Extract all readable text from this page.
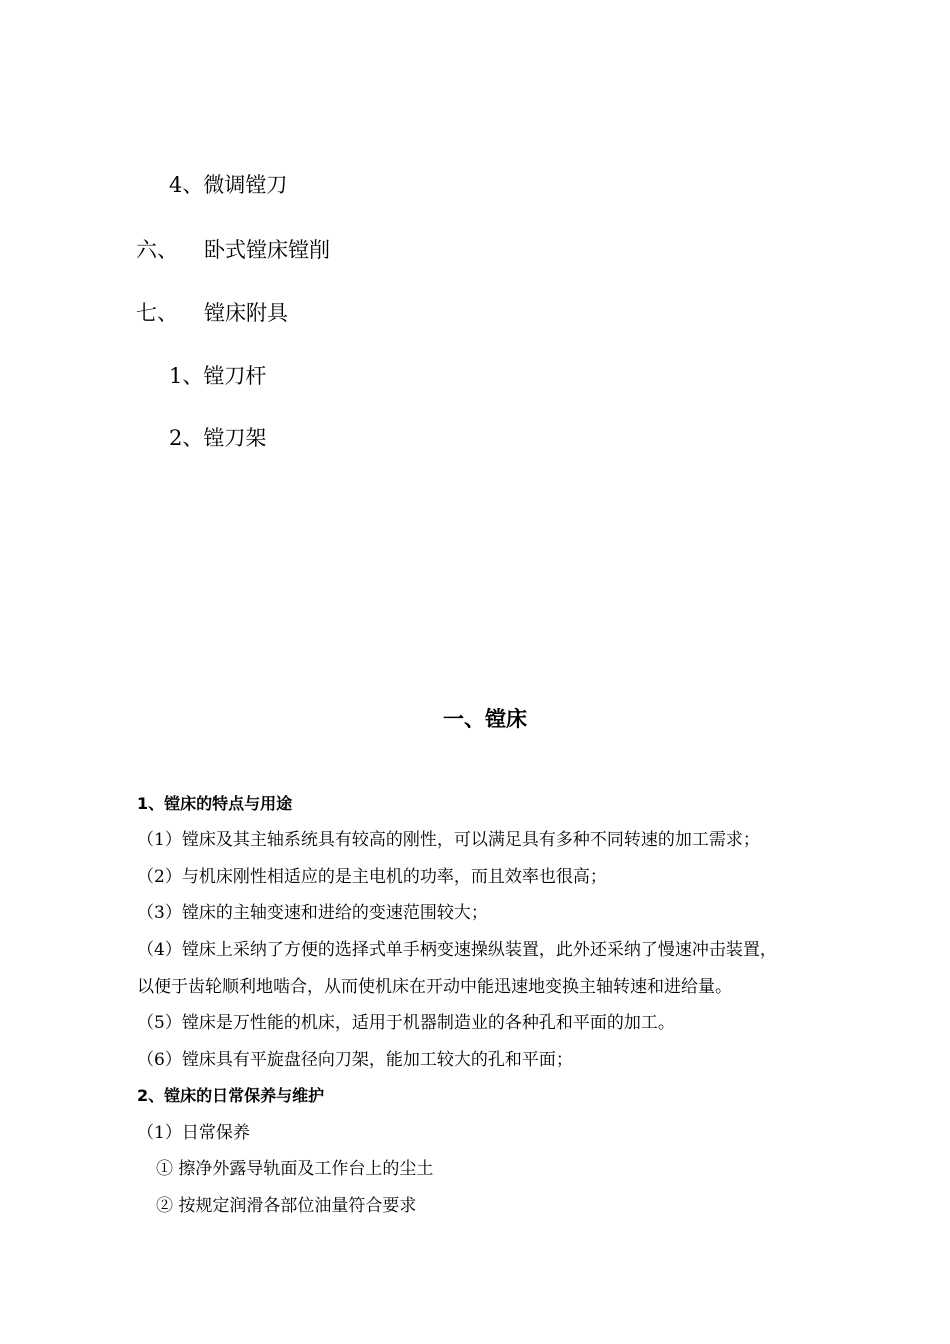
4、微调镗刀
六、 卧式镗床镗削
七、 镗床附具
1、镗刀杆
2、镗刀架
一、镗床
1、镗床的特点与用途
（1）镗床及其主轴系统具有较高的刚性，可以满足具有多种不同转速的加工需求；
（2）与机床刚性相适应的是主电机的功率，而且效率也很高；
（3）镗床的主轴变速和进给的变速范围较大；
（4）镗床上采纳了方便的选择式单手柄变速操纵装置，此外还采纳了慢速冲击装置，
以便于齿轮顺利地啮合，从而使机床在开动中能迅速地变换主轴转速和进给量。
（5）镗床是万性能的机床，适用于机器制造业的各种孔和平面的加工。
（6）镗床具有平旋盘径向刀架，能加工较大的孔和平面；
2、镗床的日常保养与维护
（1）日常保养
① 擦净外露导轨面及工作台上的尘土
② 按规定润滑各部位油量符合要求
